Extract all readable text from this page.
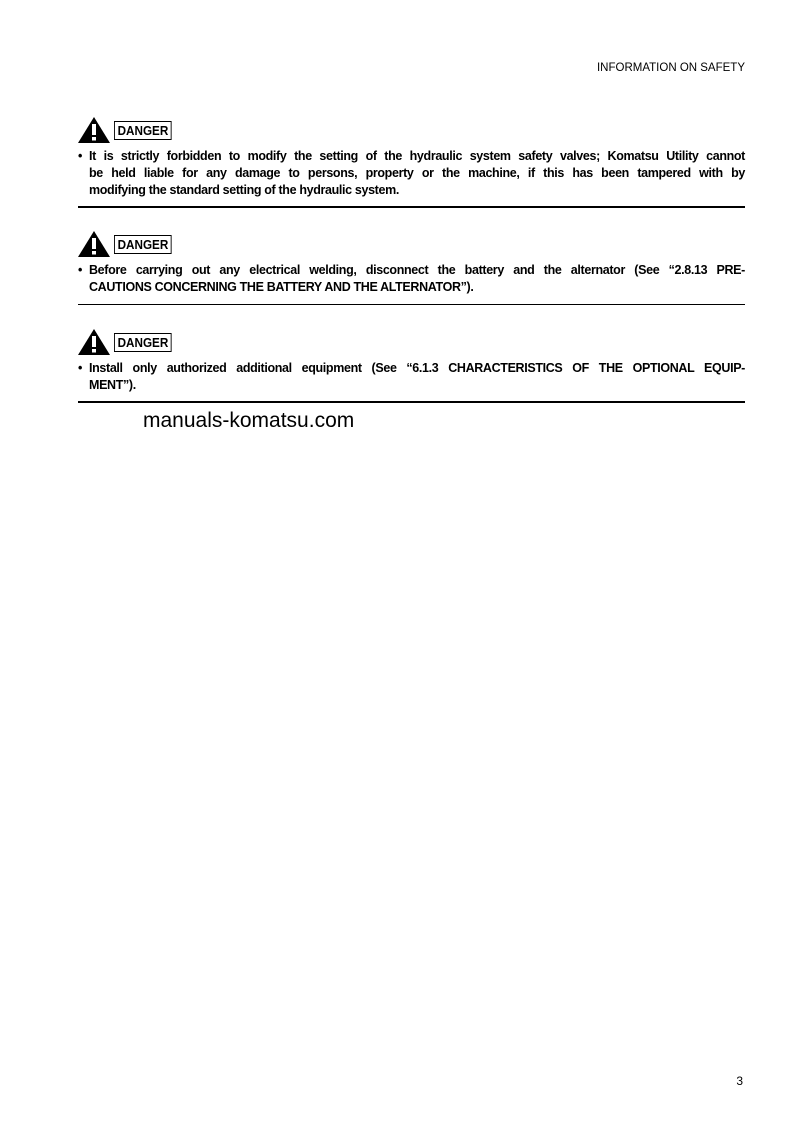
INFORMATION ON SAFETY
DANGER
• It is strictly forbidden to modify the setting of the hydraulic system safety valves; Komatsu Utility cannot
be held liable for any damage to persons, property or the machine, if this has been tampered with by
modifying the standard setting of the hydraulic system.
DANGER
• Before carrying out any electrical welding, disconnect the battery and the alternator (See “2.8.13 PRE-
CAUTIONS CONCERNING THE BATTERY AND THE ALTERNATOR”).
DANGER
• Install only authorized additional equipment (See “6.1.3 CHARACTERISTICS OF THE OPTIONAL EQUIP-
MENT”).
manuals-komatsu.com
3
